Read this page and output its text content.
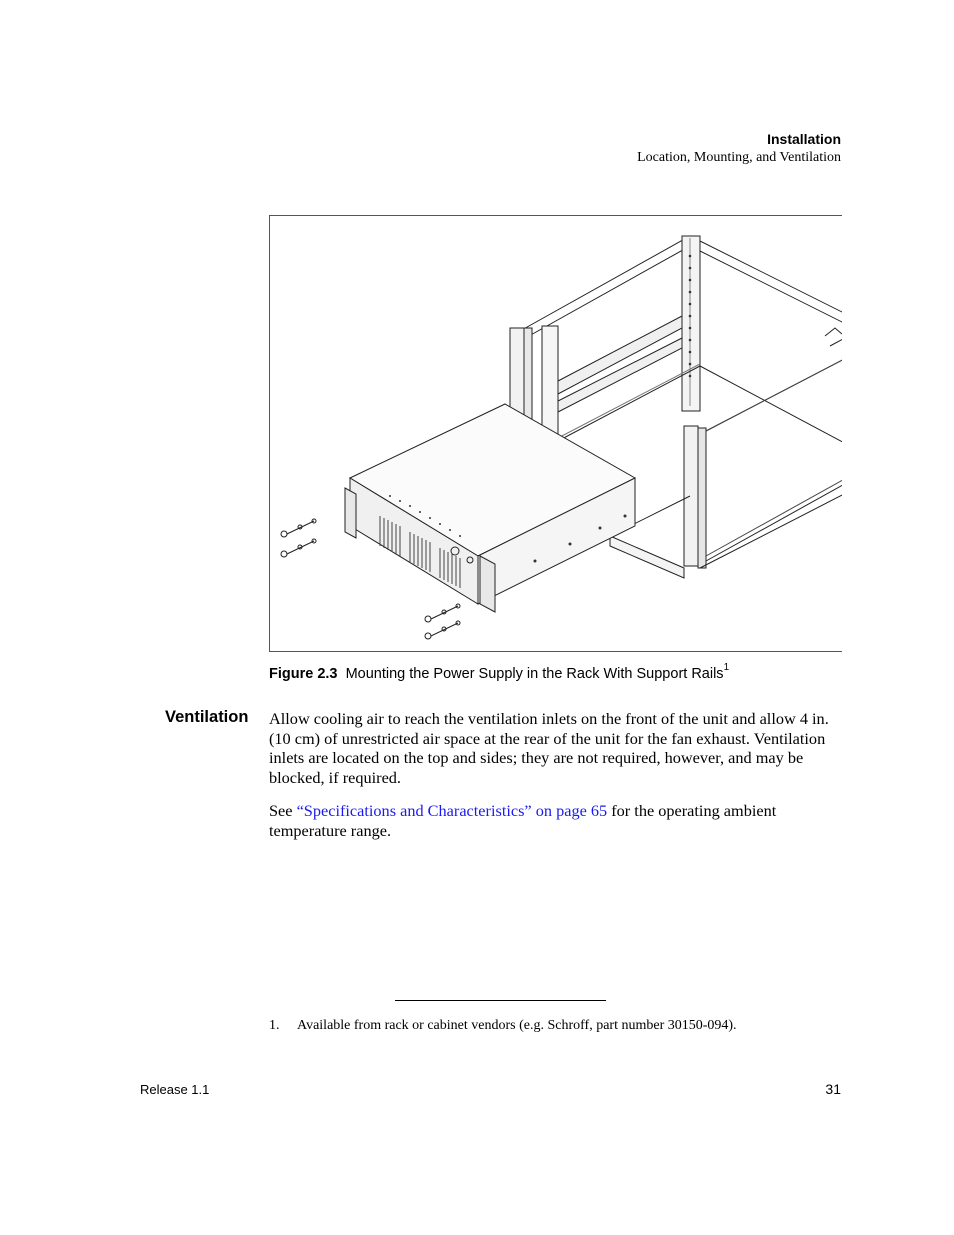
Installation
Location, Mounting, and Ventilation
Figure 2.3 Mounting the Power Supply in the Rack With Support Rails$^1$
Ventilation Allow cooling air to reach the ventilation inlets on the front of the unit and allow 4 in. (10 cm) of unrestricted air space at the rear of the unit for the fan exhaust. Ventilation inlets are located on the top and sides; they are not required, however, and may be blocked, if required.
See “Specifications and Characteristics” on page 65 for the operating ambient temperature range.
1. Available from rack or cabinet vendors (e.g. Schroff, part number 30150-094).
Release 1.1	31
